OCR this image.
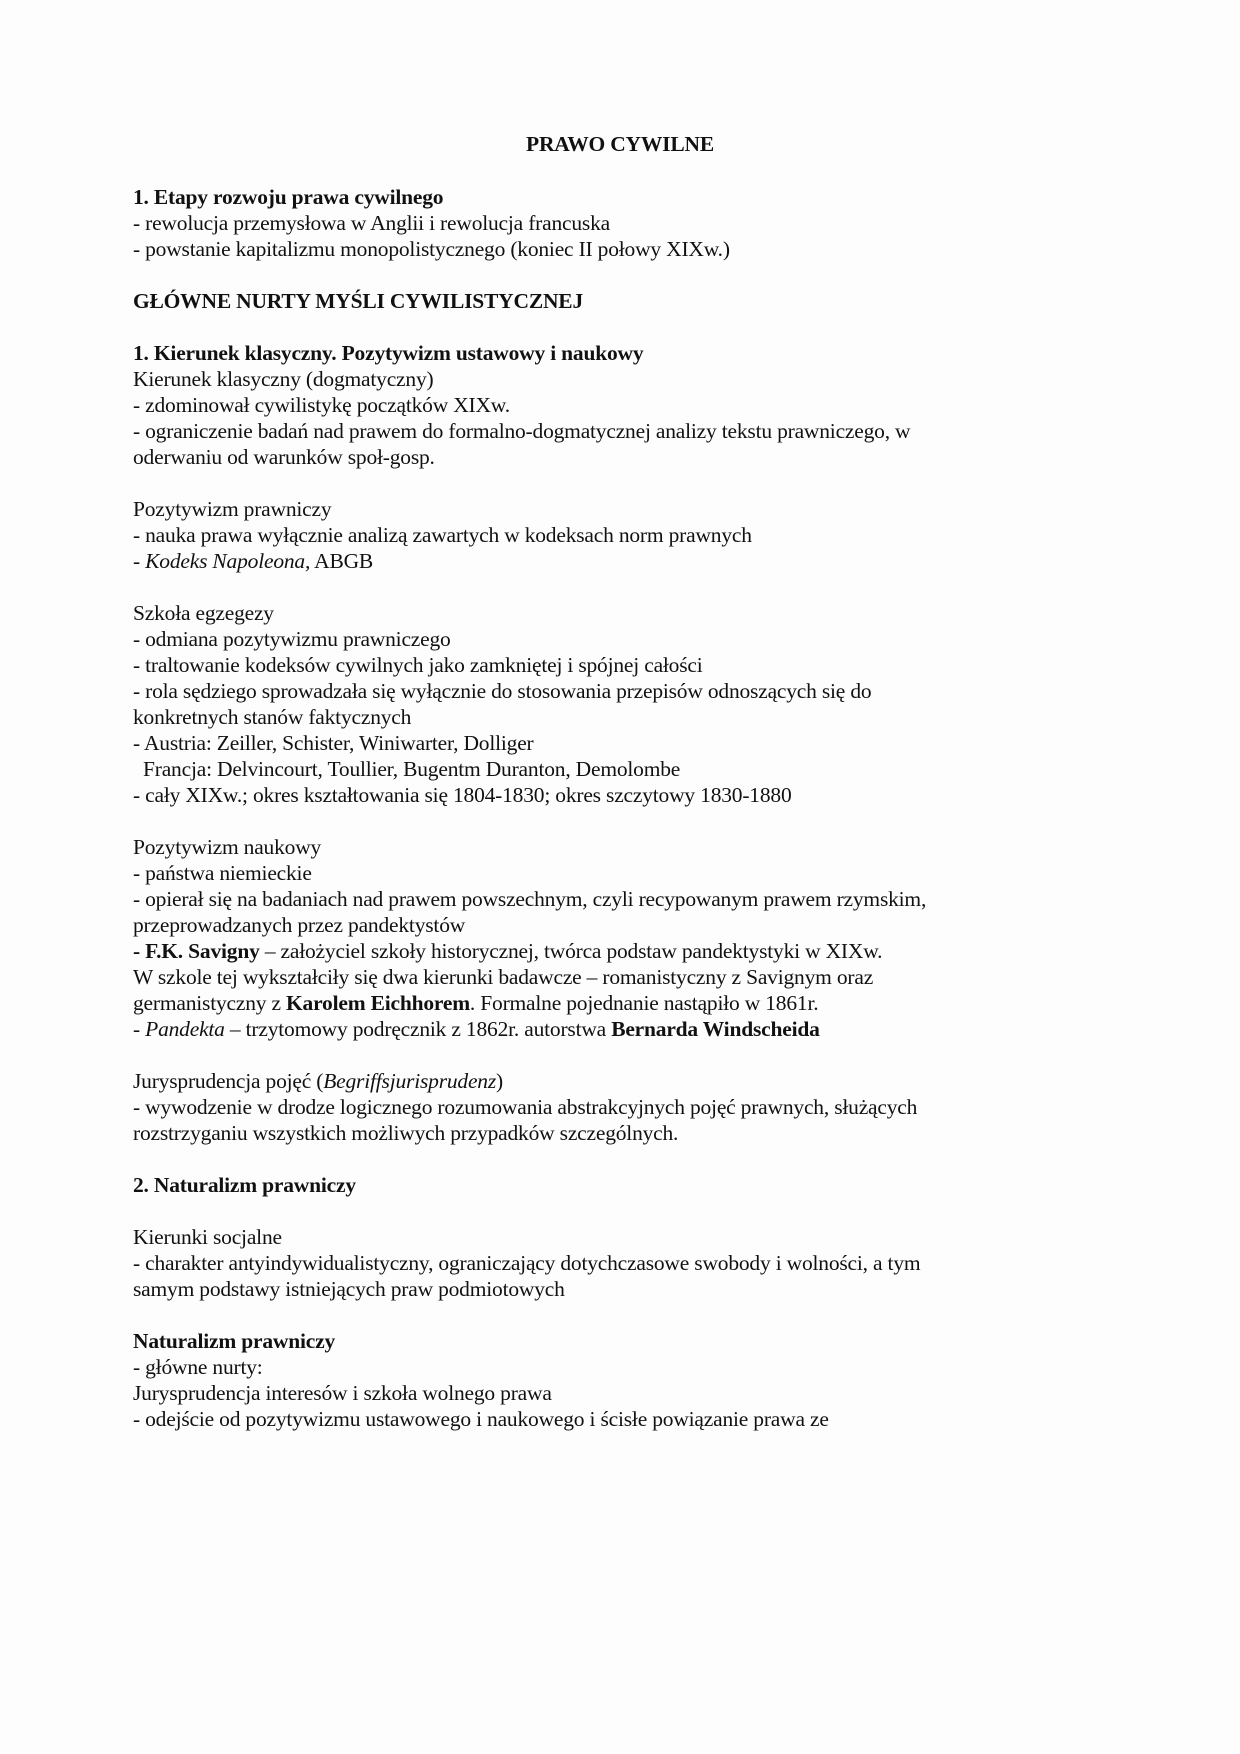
PRAWO CYWILNE
1. Etapy rozwoju prawa cywilnego
- rewolucja przemysłowa w Anglii i rewolucja francuska
- powstanie kapitalizmu monopolistycznego (koniec II połowy XIXw.)
GŁÓWNE NURTY MYŚLI CYWILISTYCZNEJ
1. Kierunek klasyczny. Pozytywizm ustawowy i naukowy
Kierunek klasyczny (dogmatyczny)
- zdominował cywilistykę początków XIXw.
- ograniczenie badań nad prawem do formalno-dogmatycznej analizy tekstu prawniczego, w
oderwaniu od warunków społ-gosp.
Pozytywizm prawniczy
- nauka prawa wyłącznie analizą zawartych w kodeksach norm prawnych
- Kodeks Napoleona, ABGB
Szkoła egzegezy
- odmiana pozytywizmu prawniczego
- traltowanie kodeksów cywilnych jako zamkniętej i spójnej całości
- rola sędziego sprowadzała się wyłącznie do stosowania przepisów odnoszących się do
konkretnych stanów faktycznych
- Austria: Zeiller, Schister, Winiwarter, Dolliger
Francja: Delvincourt, Toullier, Bugentm Duranton, Demolombe
- cały XIXw.; okres kształtowania się 1804-1830; okres szczytowy 1830-1880
Pozytywizm naukowy
- państwa niemieckie
- opierał się na badaniach nad prawem powszechnym, czyli recypowanym prawem rzymskim,
przeprowadzanych przez pandektystów
- F.K. Savigny – założyciel szkoły historycznej, twórca podstaw pandektystyki w XIXw.
W szkole tej wykształciły się dwa kierunki badawcze – romanistyczny z Savignym oraz
germanistyczny z Karolem Eichhorem. Formalne pojednanie nastąpiło w 1861r.
- Pandekta – trzytomowy podręcznik z 1862r. autorstwa Bernarda Windscheida
Jurysprudencja pojęć (Begriffsjurisprudenz)
- wywodzenie w drodze logicznego rozumowania abstrakcyjnych pojęć prawnych, służących
rozstrzyganiu wszystkich możliwych przypadków szczególnych.
2. Naturalizm prawniczy
Kierunki socjalne
- charakter antyindywidualistyczny, ograniczający dotychczasowe swobody i wolności, a tym
samym podstawy istniejących praw podmiotowych
Naturalizm prawniczy
- główne nurty:
Jurysprudencja interesów i szkoła wolnego prawa
- odejście od pozytywizmu ustawowego i naukowego i ścisłe powiązanie prawa ze
